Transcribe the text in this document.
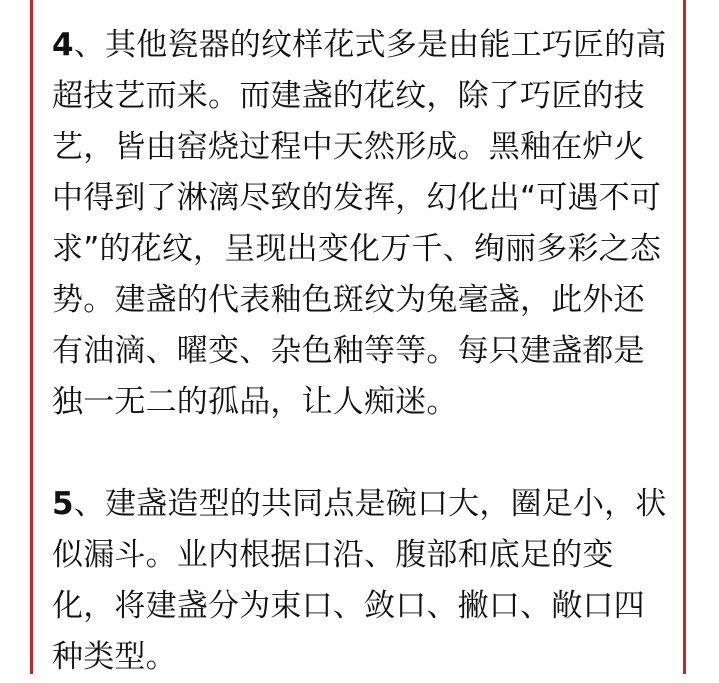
4、其他瓷器的纹样花式多是由能工巧匠的高超技艺而来。而建盏的花纹，除了巧匠的技艺，皆由窑烧过程中天然形成。黑釉在炉火中得到了淋漓尽致的发挥，幻化出“可遇不可求”的花纹，呈现出变化万千、绚丽多彩之态势。建盏的代表釉色斑纹为兔毫盏，此外还有油滴、曜变、杂色釉等等。每只建盏都是独一无二的孤品，让人痴迷。

5、建盏造型的共同点是碗口大，圈足小，状似漏斗。业内根据口沿、腹部和底足的变化，将建盏分为束口、敛口、撇口、敞口四种类型。
